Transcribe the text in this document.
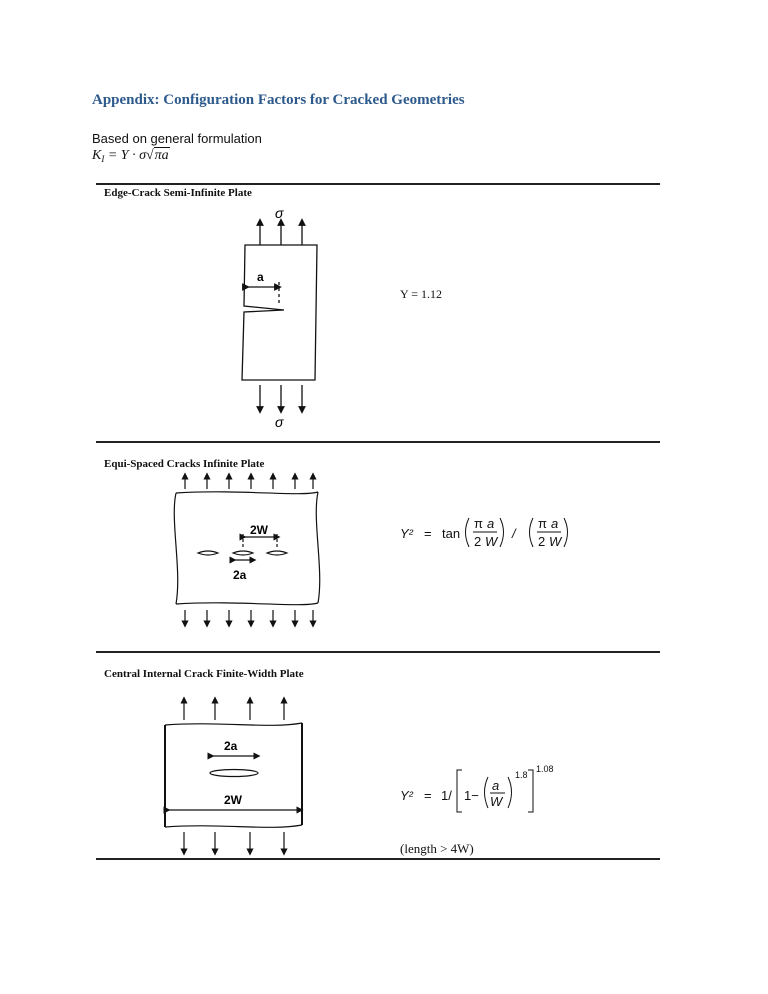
Appendix: Configuration Factors for Cracked Geometries
Based on general formulation
$K_I = Y \cdot \sigma√\pi a$
Edge-Crack Semi-Infinite Plate
Equi-Spaced Cracks Infinite Plate
Central Internal Crack Finite-Width Plate
σ
σ
a
2W
2a
2a
2W
Y² = tan
π a
2 W
/
π a
2 W
Y² = 1/ 1−
a
W
1.8
1.08
Y = 1.12
(length > 4W)
